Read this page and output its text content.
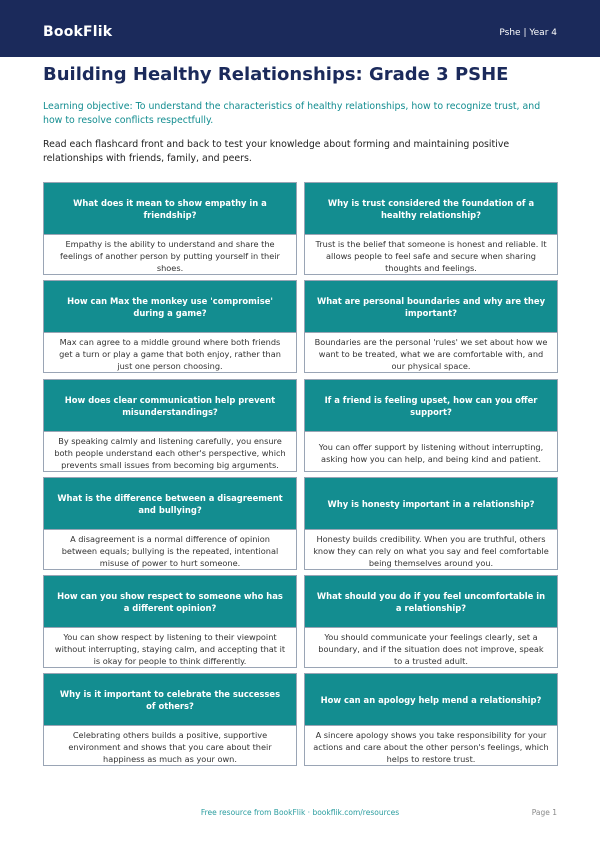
BookFlik	Pshe | Year 4
Building Healthy Relationships: Grade 3 PSHE

Learning objective: To understand the characteristics of healthy relationships, how to recognize trust, and how to resolve conflicts respectfully.

Read each flashcard front and back to test your knowledge about forming and maintaining positive relationships with friends, family, and peers.

What does it mean to show empathy in a friendship?
Empathy is the ability to understand and share the feelings of another person by putting yourself in their shoes.
Why is trust considered the foundation of a healthy relationship?
Trust is the belief that someone is honest and reliable. It allows people to feel safe and secure when sharing thoughts and feelings.
How can Max the monkey use 'compromise' during a game?
Max can agree to a middle ground where both friends get a turn or play a game that both enjoy, rather than just one person choosing.
What are personal boundaries and why are they important?
Boundaries are the personal 'rules' we set about how we want to be treated, what we are comfortable with, and our physical space.
How does clear communication help prevent misunderstandings?
By speaking calmly and listening carefully, you ensure both people understand each other's perspective, which prevents small issues from becoming big arguments.
If a friend is feeling upset, how can you offer support?
You can offer support by listening without interrupting, asking how you can help, and being kind and patient.
What is the difference between a disagreement and bullying?
A disagreement is a normal difference of opinion between equals; bullying is the repeated, intentional misuse of power to hurt someone.
Why is honesty important in a relationship?
Honesty builds credibility. When you are truthful, others know they can rely on what you say and feel comfortable being themselves around you.
How can you show respect to someone who has a different opinion?
You can show respect by listening to their viewpoint without interrupting, staying calm, and accepting that it is okay for people to think differently.
What should you do if you feel uncomfortable in a relationship?
You should communicate your feelings clearly, set a boundary, and if the situation does not improve, speak to a trusted adult.
Why is it important to celebrate the successes of others?
Celebrating others builds a positive, supportive environment and shows that you care about their happiness as much as your own.
How can an apology help mend a relationship?
A sincere apology shows you take responsibility for your actions and care about the other person's feelings, which helps to restore trust.
Free resource from BookFlik · bookflik.com/resources	Page 1
